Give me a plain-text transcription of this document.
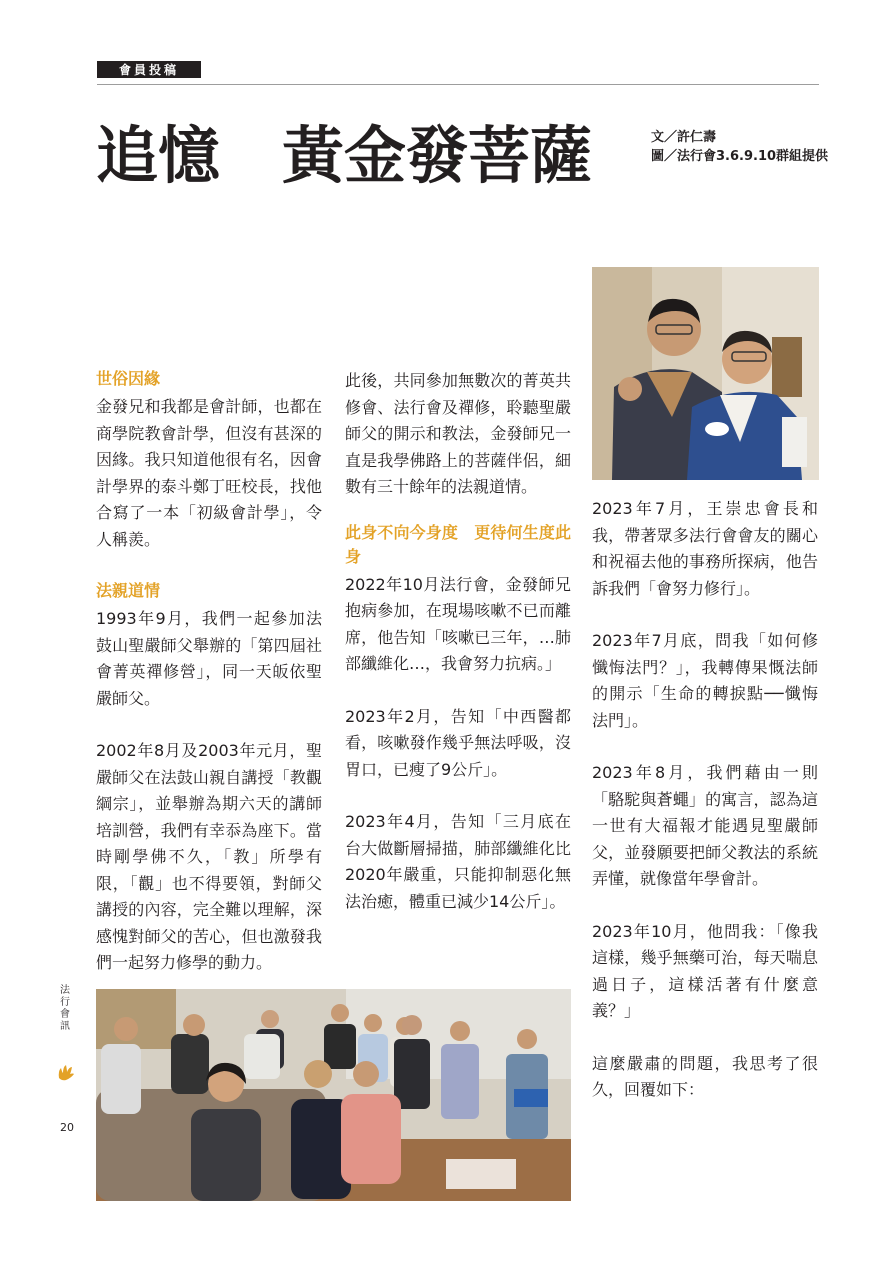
會員投稿
追憶　黃金發菩薩	文／許仁壽
圖／法行會3.6.9.10群組提供
世俗因緣

金發兄和我都是會計師，也都在商學院教會計學，但沒有甚深的因緣。我只知道他很有名，因會計學界的泰斗鄭丁旺校長，找他合寫了一本「初級會計學」，令人稱羨。

法親道情

1993年9月，我們一起參加法鼓山聖嚴師父舉辦的「第四屆社會菁英禪修營」，同一天皈依聖嚴師父。

2002年8月及2003年元月，聖嚴師父在法鼓山親自講授「教觀綱宗」，並舉辦為期六天的講師培訓營，我們有幸忝為座下。當時剛學佛不久，「教」所學有限，「觀」也不得要領，對師父講授的內容，完全難以理解，深感愧對師父的苦心，但也激發我們一起努力修學的動力。

此後，共同參加無數次的菁英共修會、法行會及禪修，聆聽聖嚴師父的開示和教法，金發師兄一直是我學佛路上的菩薩伴侶，細數有三十餘年的法親道情。

此身不向今身度　更待何生度此身

2022年10月法行會，金發師兄抱病參加，在現場咳嗽不已而離席，他告知「咳嗽已三年，…肺部纖維化…，我會努力抗病。」

2023年2月，告知「中西醫都看，咳嗽發作幾乎無法呼吸，沒胃口，已瘦了9公斤」。

2023年4月，告知「三月底在台大做斷層掃描，肺部纖維化比2020年嚴重，只能抑制惡化無法治癒，體重已減少14公斤」。

2023年7月，王崇忠會長和我，帶著眾多法行會會友的關心和祝福去他的事務所探病，他告訴我們「會努力修行」。

2023年7月底，問我「如何修懺悔法門？」，我轉傳果慨法師的開示「生命的轉捩點──懺悔法門」。

2023年8月，我們藉由一則「駱駝與蒼蠅」的寓言，認為這一世有大福報才能遇見聖嚴師父，並發願要把師父教法的系統弄懂，就像當年學會計。

2023年10月，他問我：「像我這樣，幾乎無藥可治，每天喘息過日子，這樣活著有什麼意義？」

這麼嚴肅的問題，我思考了很久，回覆如下：

法
行
會
訊
20
